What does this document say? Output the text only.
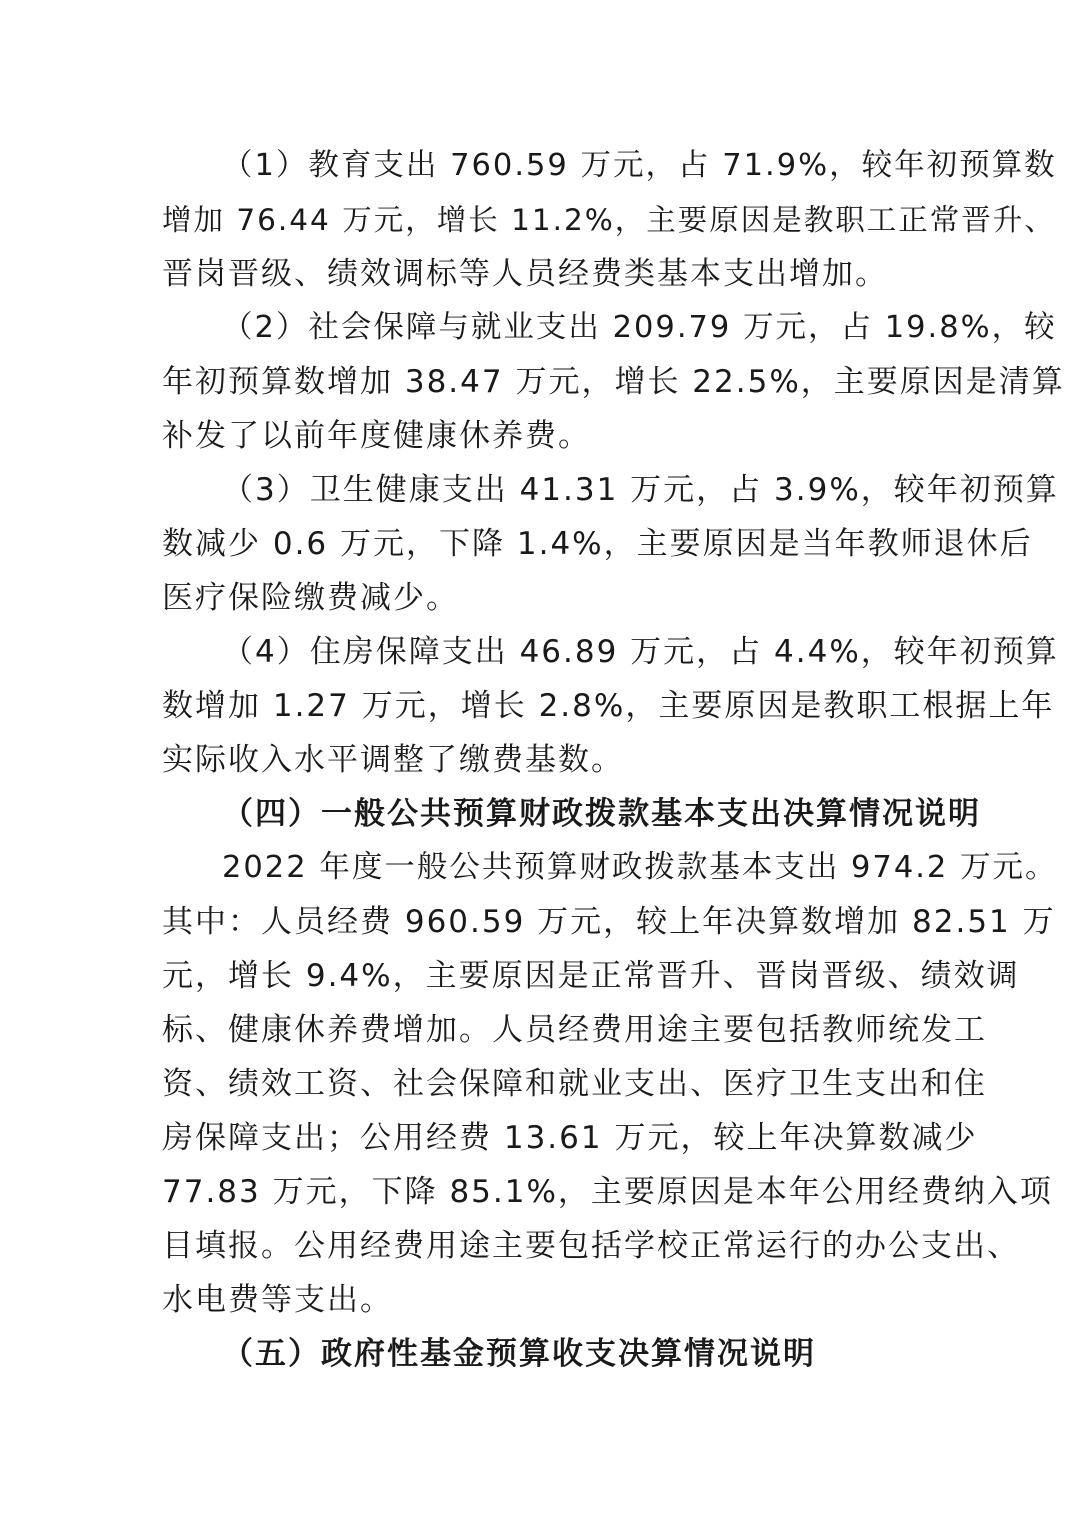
（1）教育支出 760.59 万元，占 71.9%，较年初预算数
增加 76.44 万元，增长 11.2%，主要原因是教职工正常晋升、
晋岗晋级、绩效调标等人员经费类基本支出增加。
（2）社会保障与就业支出 209.79 万元，占 19.8%，较
年初预算数增加 38.47 万元，增长 22.5%，主要原因是清算
补发了以前年度健康休养费。
（3）卫生健康支出 41.31 万元，占 3.9%，较年初预算
数减少 0.6 万元，下降 1.4%，主要原因是当年教师退休后
医疗保险缴费减少。
（4）住房保障支出 46.89 万元，占 4.4%，较年初预算
数增加 1.27 万元，增长 2.8%，主要原因是教职工根据上年
实际收入水平调整了缴费基数。
（四）一般公共预算财政拨款基本支出决算情况说明
2022 年度一般公共预算财政拨款基本支出 974.2 万元。
其中：人员经费 960.59 万元，较上年决算数增加 82.51 万
元，增长 9.4%，主要原因是正常晋升、晋岗晋级、绩效调
标、健康休养费增加。人员经费用途主要包括教师统发工
资、绩效工资、社会保障和就业支出、医疗卫生支出和住
房保障支出；公用经费 13.61 万元，较上年决算数减少
77.83 万元，下降 85.1%，主要原因是本年公用经费纳入项
目填报。公用经费用途主要包括学校正常运行的办公支出、
水电费等支出。
（五）政府性基金预算收支决算情况说明
